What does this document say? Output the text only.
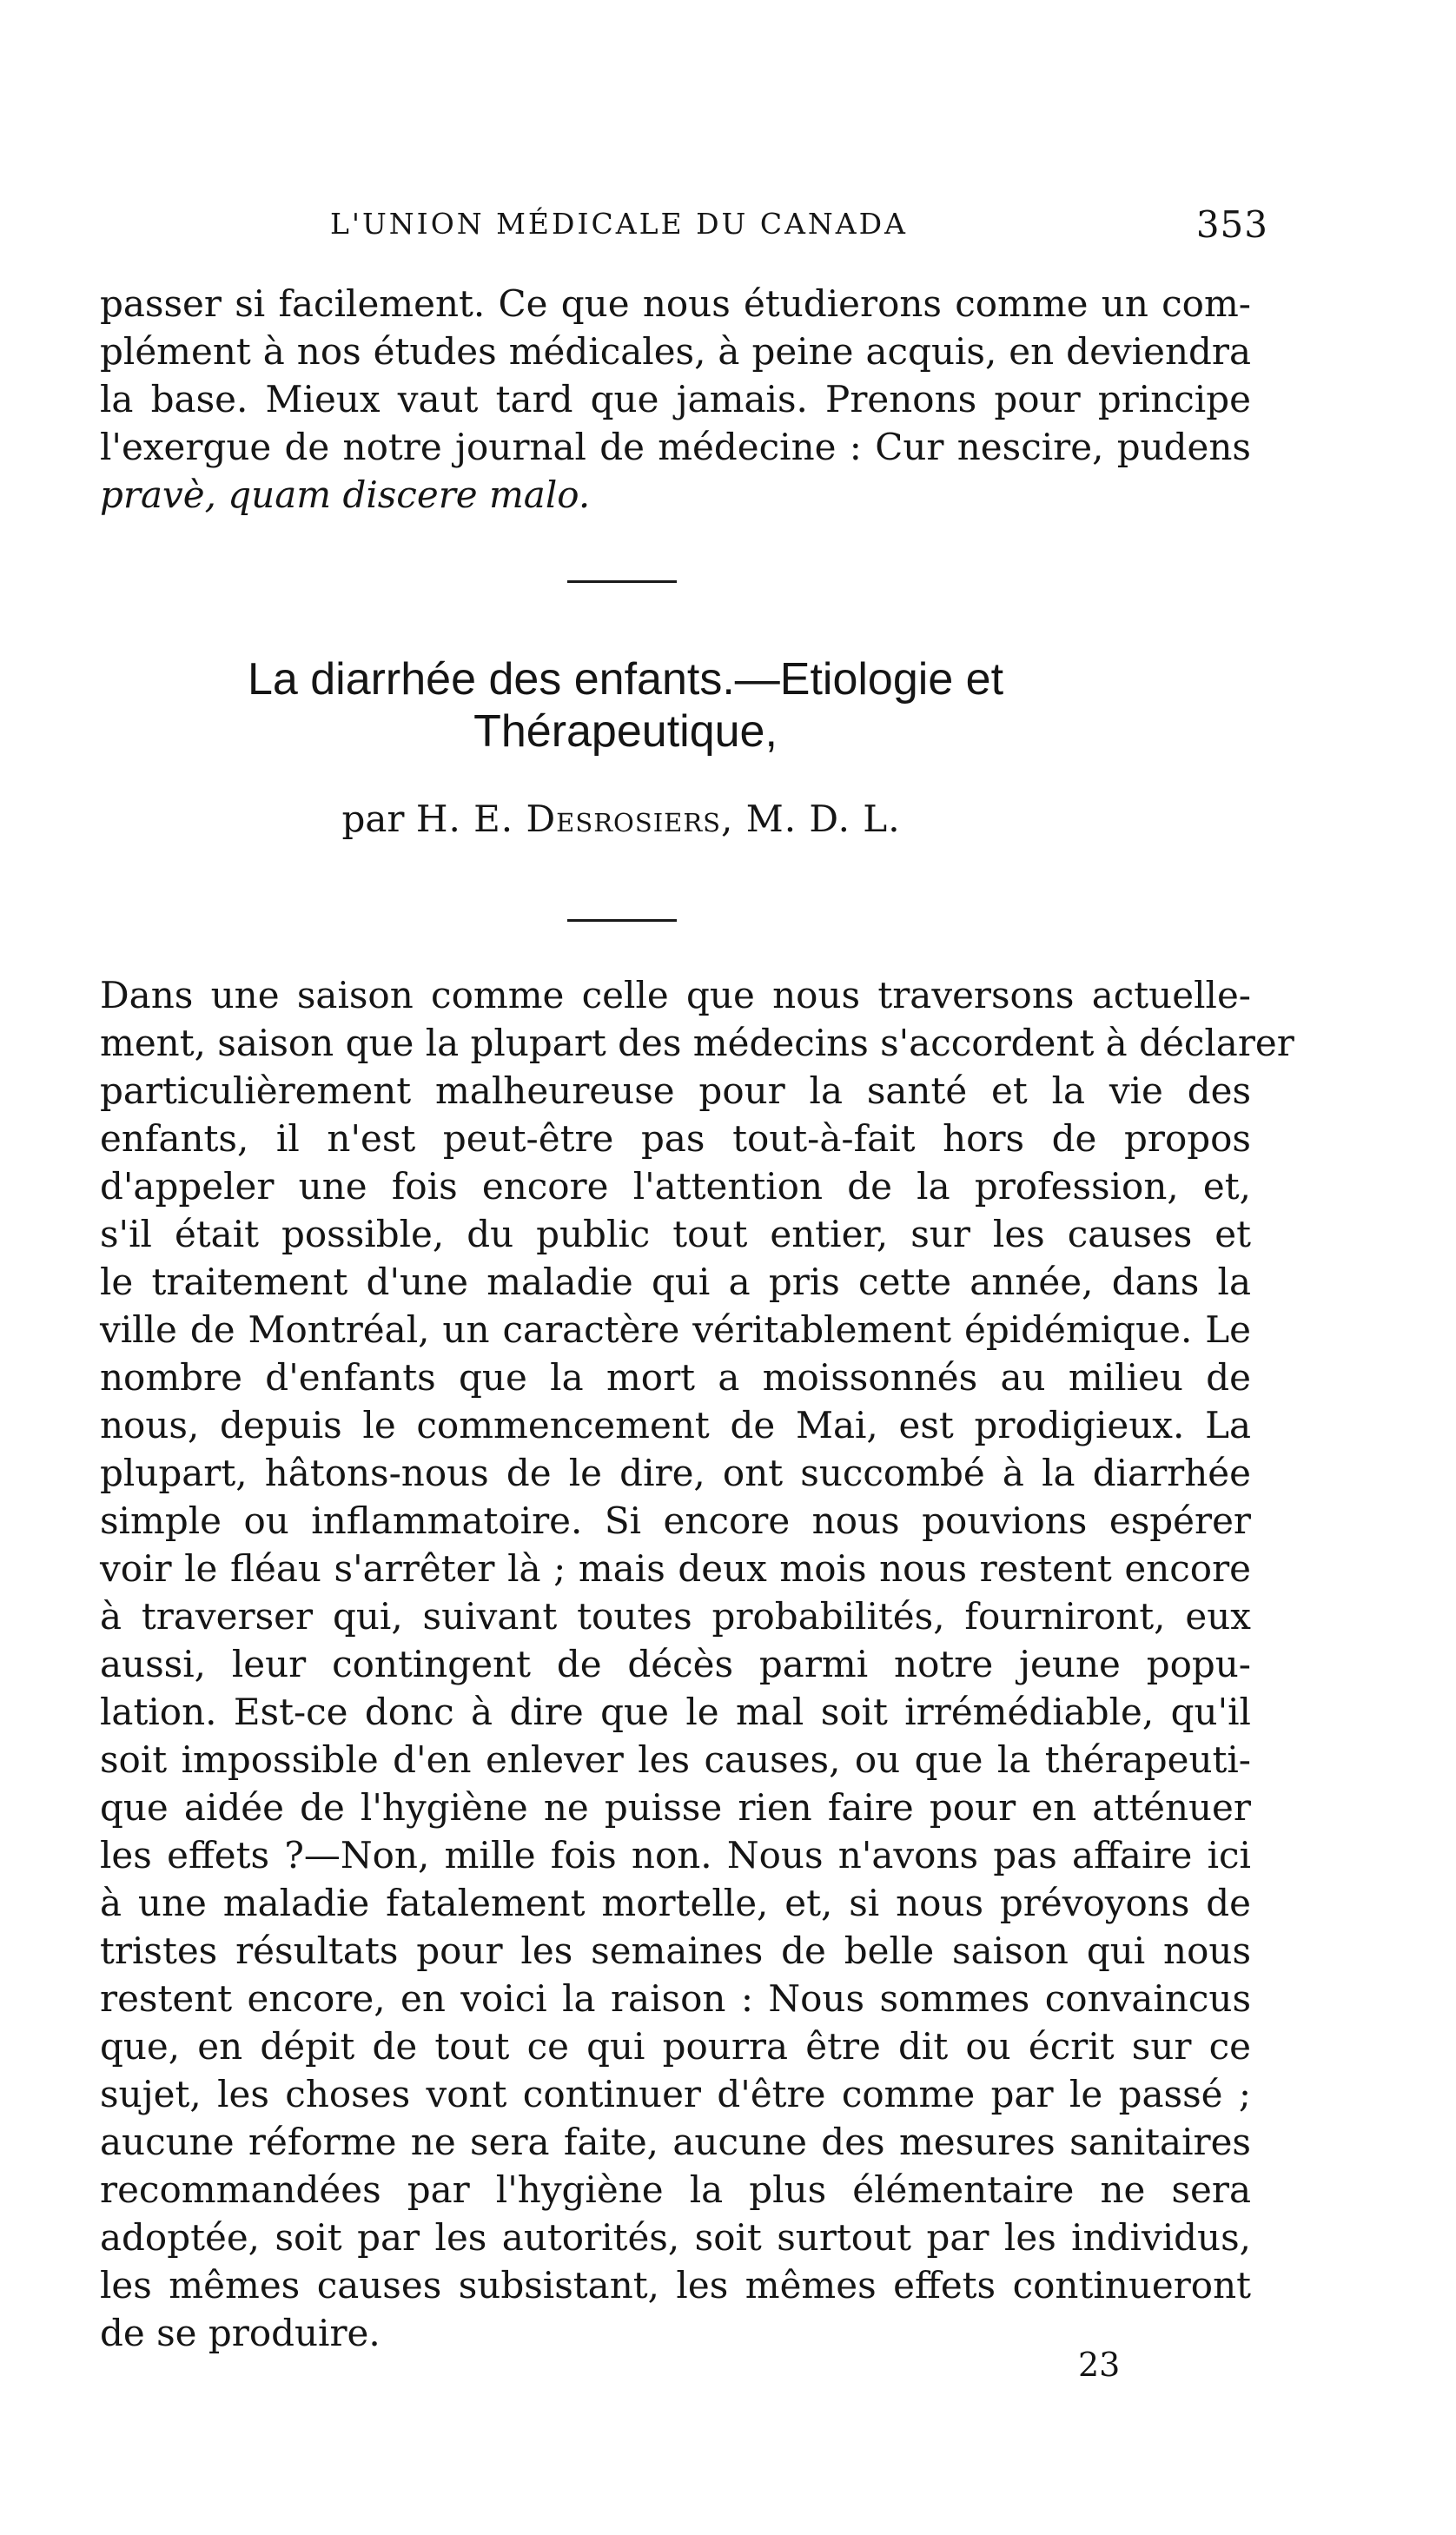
L'UNION MÉDICALE DU CANADA	353
passer si facilement. Ce que nous étudierons comme un com-
plément à nos études médicales, à peine acquis, en deviendra
la base. Mieux vaut tard que jamais. Prenons pour principe
l'exergue de notre journal de médecine : Cur nescire, pudens
pravè, quam discere malo.
La diarrhée des enfants.—Etiologie et
Thérapeutique,
par H. E. Desrosiers, M. D. L.
Dans une saison comme celle que nous traversons actuelle-
ment, saison que la plupart des médecins s'accordent à déclarer
particulièrement malheureuse pour la santé et la vie des
enfants, il n'est peut-être pas tout-à-fait hors de propos
d'appeler une fois encore l'attention de la profession, et,
s'il était possible, du public tout entier, sur les causes et
le traitement d'une maladie qui a pris cette année, dans la
ville de Montréal, un caractère véritablement épidémique. Le
nombre d'enfants que la mort a moissonnés au milieu de
nous, depuis le commencement de Mai, est prodigieux. La
plupart, hâtons-nous de le dire, ont succombé à la diarrhée
simple ou inflammatoire. Si encore nous pouvions espérer
voir le fléau s'arrêter là ; mais deux mois nous restent encore
à traverser qui, suivant toutes probabilités, fourniront, eux
aussi, leur contingent de décès parmi notre jeune popu-
lation. Est-ce donc à dire que le mal soit irrémédiable, qu'il
soit impossible d'en enlever les causes, ou que la thérapeuti-
que aidée de l'hygiène ne puisse rien faire pour en atténuer
les effets ?—Non, mille fois non. Nous n'avons pas affaire ici
à une maladie fatalement mortelle, et, si nous prévoyons de
tristes résultats pour les semaines de belle saison qui nous
restent encore, en voici la raison : Nous sommes convaincus
que, en dépit de tout ce qui pourra être dit ou écrit sur ce
sujet, les choses vont continuer d'être comme par le passé ;
aucune réforme ne sera faite, aucune des mesures sanitaires
recommandées par l'hygiène la plus élémentaire ne sera
adoptée, soit par les autorités, soit surtout par les individus,
les mêmes causes subsistant, les mêmes effets continueront
de se produire.
23
